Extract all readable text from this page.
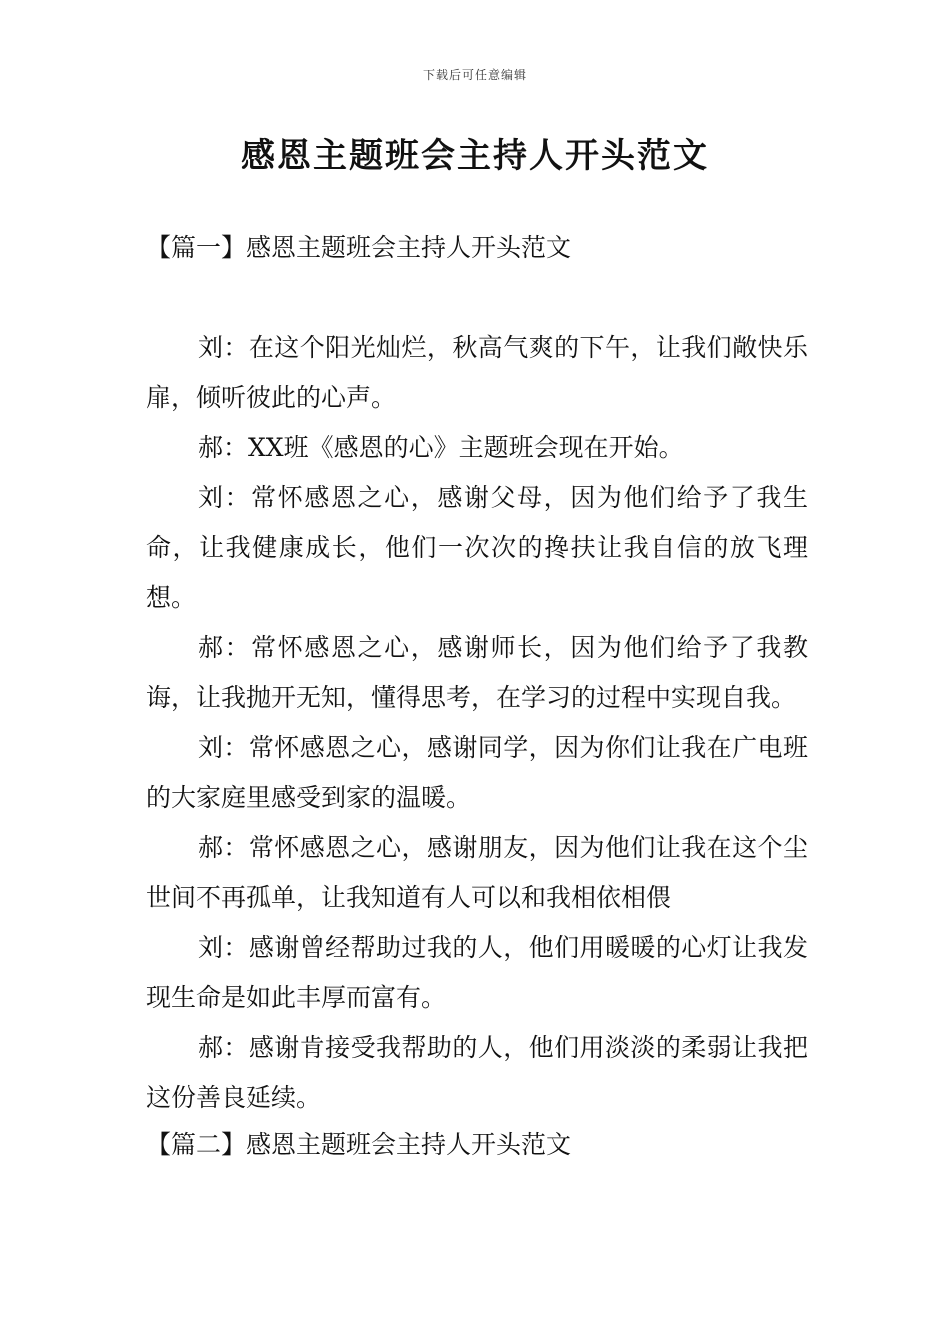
下载后可任意编辑
感恩主题班会主持人开头范文
【篇一】感恩主题班会主持人开头范文

刘：在这个阳光灿烂，秋高气爽的下午，让我们敞快乐扉，倾听彼此的心声。

郝：XX班《感恩的心》主题班会现在开始。

刘：常怀感恩之心，感谢父母，因为他们给予了我生命，让我健康成长，他们一次次的搀扶让我自信的放飞理想。

郝：常怀感恩之心，感谢师长，因为他们给予了我教诲，让我抛开无知，懂得思考，在学习的过程中实现自我。

刘：常怀感恩之心，感谢同学，因为你们让我在广电班的大家庭里感受到家的温暖。

郝：常怀感恩之心，感谢朋友，因为他们让我在这个尘世间不再孤单，让我知道有人可以和我相依相偎

刘：感谢曾经帮助过我的人，他们用暖暖的心灯让我发现生命是如此丰厚而富有。

郝：感谢肯接受我帮助的人，他们用淡淡的柔弱让我把这份善良延续。

【篇二】感恩主题班会主持人开头范文
